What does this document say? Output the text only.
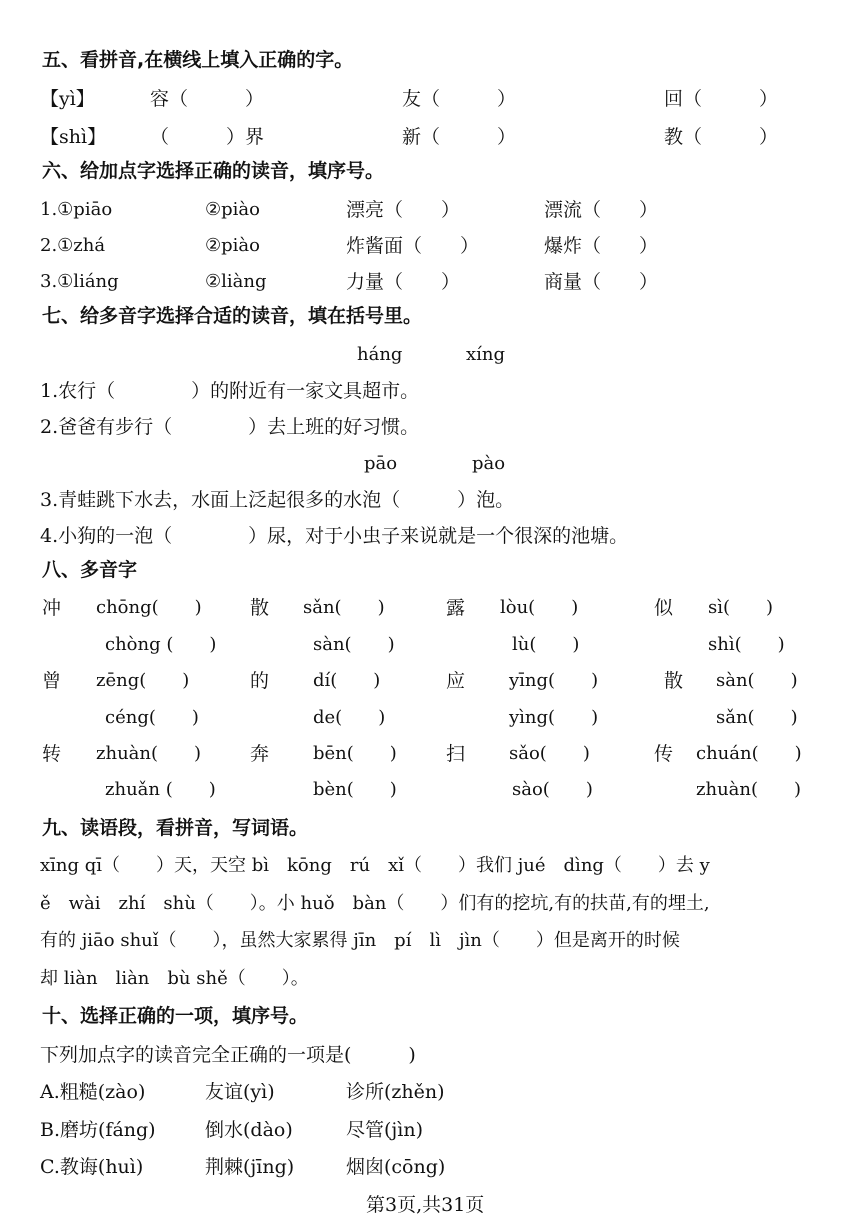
五、看拼音,在横线上填入正确的字。
【yì】	容（　　　）	友（　　　）	回（　　　）
【shì】 （　　　）界	新（　　　）	教（　　　）
六、给加点字选择正确的读音，填序号。
1.①piāo	②piào	漂亮（　　）	漂流（　　）
2.①zhá	②piào	炸酱面（　　）	爆炸（　　）
3.①liáng	②liàng	力量（　　）	商量（　　）
七、给多音字选择合适的读音，填在括号里。
háng	xíng
1.农行（　　　　）的附近有一家文具超市。
2.爸爸有步行（　　　　）去上班的好习惯。
pāo	pào
3.青蛙跳下水去，水面上泛起很多的水泡（　　　）泡。
4.小狗的一泡（　　　　）尿，对于小虫子来说就是一个很深的池塘。
八、多音字
冲 chōng(　　)	散 sǎn(　　)	露 lòu(　　)	似 sì(　　)
chòng (　　)	sàn(　　)	lù(　　)	shì(　　)
曾 zēng(　　)	的 dí(　　)	应 yīng(　　)	散 sàn(　　)
céng(　　)	de(　　)	yìng(　　)	sǎn(　　)
转 zhuàn(　　)	奔 bēn(　　)	扫 sǎo(　　)	传 chuán(　　)
zhuǎn (　　)	bèn(　　)	sào(　　)	zhuàn(　　)
九、读语段，看拼音，写词语。
xīng qī（　　）天，天空 bì　kōng　rú　xǐ（　　）我们 jué　dìng（　　）去 y
ě　wài　zhí　shù（　　）。小 huǒ　bàn（　　）们有的挖坑,有的扶苗,有的埋土,
有的 jiāo shuǐ（　　），虽然大家累得 jīn　pí　lì　jìn（　　）但是离开的时候
却 liàn　liàn　bù shě（　　）。
十、选择正确的一项，填序号。
下列加点字的读音完全正确的一项是(　　　)
A.粗糙(zào)	友谊(yì)	诊所(zhěn)
B.磨坊(fáng)	倒水(dào)	尽管(jìn)
C.教诲(huì)	荆棘(jīng)	烟囱(cōng)
第3页,共31页
